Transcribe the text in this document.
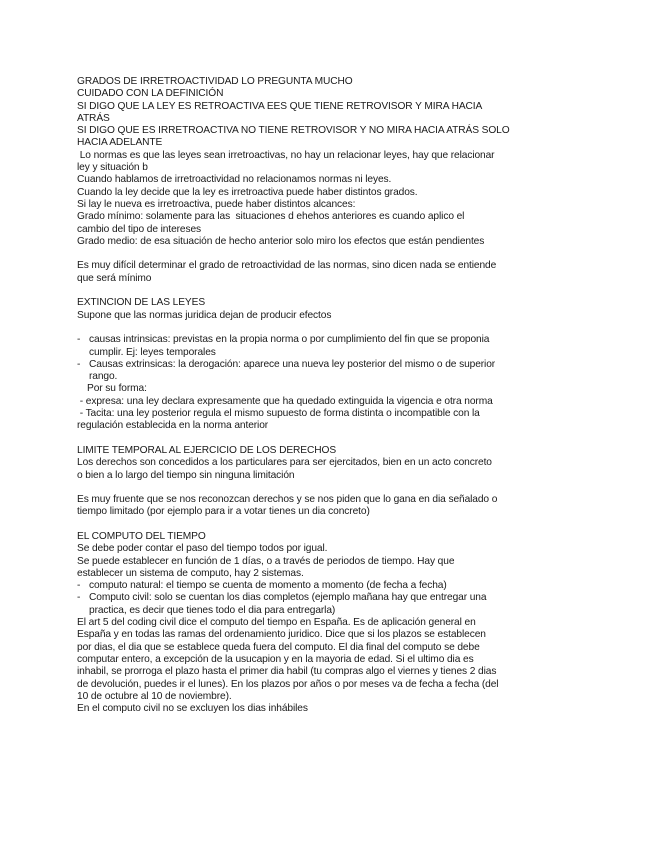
GRADOS DE IRRETROACTIVIDAD LO PREGUNTA MUCHO
CUIDADO CON LA DEFINICIÓN
SI DIGO QUE LA LEY ES RETROACTIVA EES QUE TIENE RETROVISOR Y MIRA HACIA
ATRÁS
SI DIGO QUE ES IRRETROACTIVA NO TIENE RETROVISOR Y NO MIRA HACIA ATRÁS SOLO
HACIA ADELANTE
Lo normas es que las leyes sean irretroactivas, no hay un relacionar leyes, hay que relacionar
ley y situación b
Cuando hablamos de irretroactividad no relacionamos normas ni leyes.
Cuando la ley decide que la ley es irretroactiva puede haber distintos grados.
Si lay le nueva es irretroactiva, puede haber distintos alcances:
Grado mínimo: solamente para las  situaciones d ehehos anteriores es cuando aplico el
cambio del tipo de intereses
Grado medio: de esa situación de hecho anterior solo miro los efectos que están pendientes
Es muy difícil determinar el grado de retroactividad de las normas, sino dicen nada se entiende
que será mínimo
EXTINCION DE LAS LEYES
Supone que las normas juridica dejan de producir efectos
- causas intrinsicas: previstas en la propia norma o por cumplimiento del fin que se proponia
cumplir. Ej: leyes temporales
- Causas extrinsicas: la derogación: aparece una nueva ley posterior del mismo o de superior
rango.
Por su forma:
- expresa: una ley declara expresamente que ha quedado extinguida la vigencia e otra norma
- Tacita: una ley posterior regula el mismo supuesto de forma distinta o incompatible con la
regulación establecida en la norma anterior
LIMITE TEMPORAL AL EJERCICIO DE LOS DERECHOS
Los derechos son concedidos a los particulares para ser ejercitados, bien en un acto concreto
o bien a lo largo del tiempo sin ninguna limitación
Es muy fruente que se nos reconozcan derechos y se nos piden que lo gana en dia señalado o
tiempo limitado (por ejemplo para ir a votar tienes un dia concreto)
EL COMPUTO DEL TIEMPO
Se debe poder contar el paso del tiempo todos por igual.
Se puede establecer en función de 1 días, o a través de periodos de tiempo. Hay que
establecer un sistema de computo, hay 2 sistemas.
- computo natural: el tiempo se cuenta de momento a momento (de fecha a fecha)
- Computo civil: solo se cuentan los dias completos (ejemplo mañana hay que entregar una
practica, es decir que tienes todo el dia para entregarla)
El art 5 del coding civil dice el computo del tiempo en España. Es de aplicación general en
España y en todas las ramas del ordenamiento juridico. Dice que si los plazos se establecen
por dias, el dia que se establece queda fuera del computo. El dia final del computo se debe
computar entero, a excepción de la usucapion y en la mayoria de edad. Si el ultimo dia es
inhabil, se prorroga el plazo hasta el primer dia habil (tu compras algo el viernes y tienes 2 dias
de devolución, puedes ir el lunes). En los plazos por años o por meses va de fecha a fecha (del
10 de octubre al 10 de noviembre).
En el computo civil no se excluyen los dias inhábiles
